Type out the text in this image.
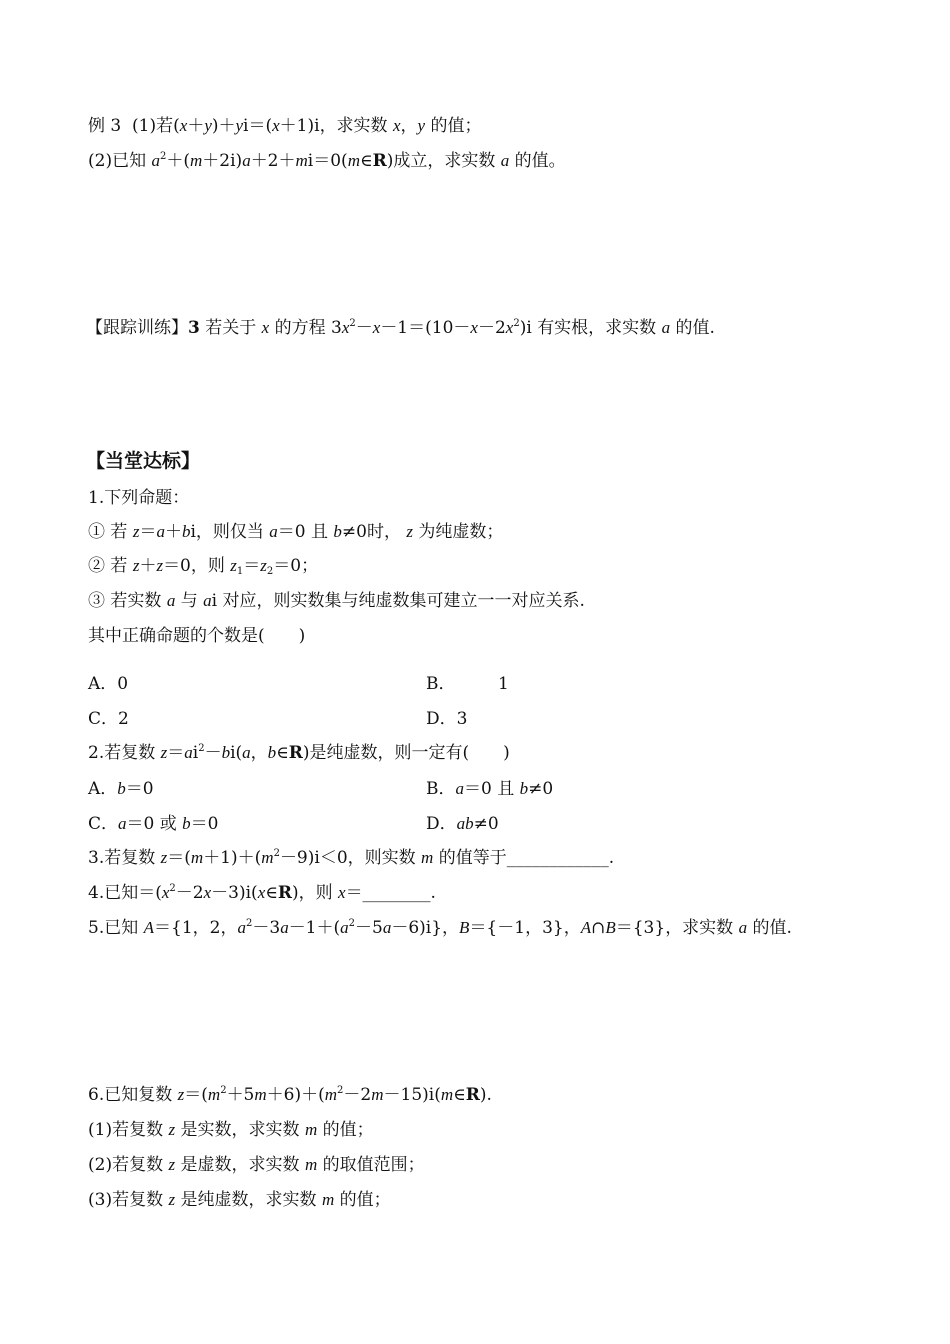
例 3 (1)若(x＋y)＋yi＝(x＋1)i，求实数 x，y 的值；
(2)已知 $a^2+(m+2i)a+2+mi=0(m\in R)$成立，求实数 a 的值。
【跟踪训练】3 若关于 x 的方程 $3x^2-x-1=(10-x-2x^2)i$ 有实根，求实数 a 的值.
【当堂达标】
1.下列命题：
① 若 z＝a＋bi，则仅当 a＝0 且 b≠0时， z 为纯虚数；
② 若 z＋z＝0，则 $z_1=z_2=0$；
③ 若实数 a 与 ai 对应，则实数集与纯虚数集可建立一一对应关系.
其中正确命题的个数是(　　)
A．0	B．　　　1
C．2	D．3
2.若复数 $z=ai^2-bi(a$，b∈R)是纯虚数，则一定有(　　)
A．b＝0	B．a＝0 且 b≠0
C．a＝0 或 b＝0	D．ab≠0
3.若复数 $z=(m+1)+(m^2-9)i<0$，则实数 m 的值等于____________.
4.已知$=(x^2-2x-3)i(x\in R)$，则 x＝________.
5.已知 A＝{1，2，$a^2-3a-1+(a^2-5a-6)i$}，B＝{－1，3}，A∩B＝{3}，求实数 a 的值.
6.已知复数 $z=(m^2+5m+6)+(m^2-2m-15)i(m\in R)$.
(1)若复数 z 是实数，求实数 m 的值；
(2)若复数 z 是虚数，求实数 m 的取值范围；
(3)若复数 z 是纯虚数，求实数 m 的值；
